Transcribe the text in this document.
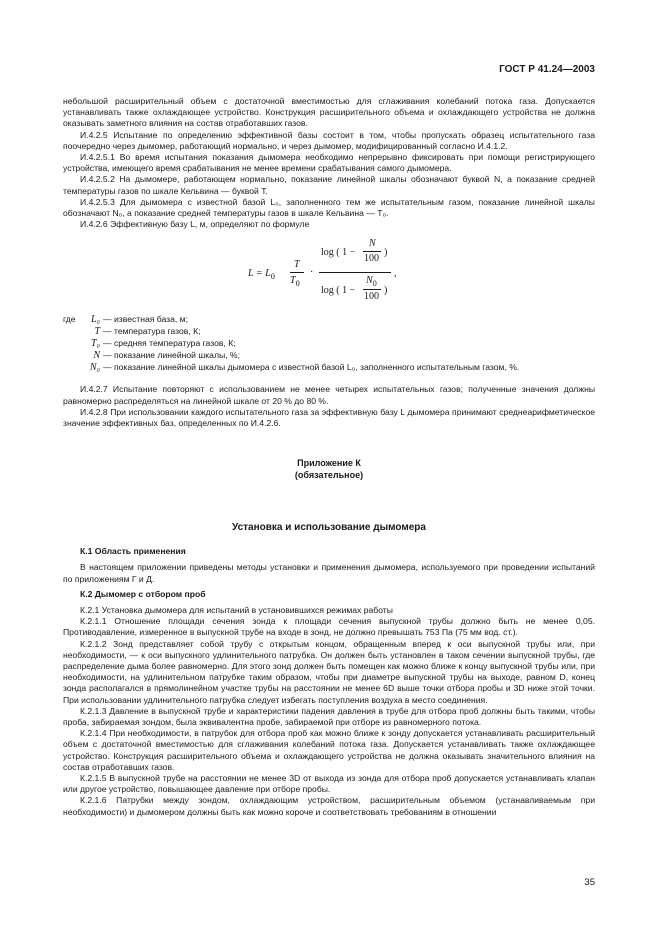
ГОСТ Р 41.24—2003

небольшой расширительный объем с достаточной вместимостью для сглаживания колебаний потока газа. Допускается устанавливать также охлаждающее устройство. Конструкция расширительного объема и охлаждающего устройства не должна оказывать заметного влияния на состав отработавших газов.

И.4.2.5 Испытание по определению эффективной базы состоит в том, чтобы пропускать образец испытательного газа поочередно через дымомер, работающий нормально, и через дымомер, модифицированный согласно И.4.1.2.

И.4.2.5.1 Во время испытания показания дымомера необходимо непрерывно фиксировать при помощи регистрирующего устройства, имеющего время срабатывания не менее времени срабатывания самого дымомера.

И.4.2.5.2 На дымомере, работающем нормально, показание линейной шкалы обозначают буквой N, а показание средней температуры газов по шкале Кельвина — буквой T.

И.4.2.5.3 Для дымомера с известной базой L₀, заполненного тем же испытательным газом, показание линейной шкалы обозначают N₀, а показание средней температуры газов в шкале Кельвина — T₀.

И.4.2.6 Эффективную базу L, м, определяют по формуле

$L = L_0$
T
$T_0$
·
log ( 1 −
N
100
)
,
log ( 1 −
$N_0$
100
)
где	L₀ — известная база, м;
T — температура газов, К;
T₀ — средняя температура газов, К;
N — показание линейной шкалы, %;
N₀ — показание линейной шкалы дымомера с известной базой L₀, заполненного испытательным газом, %.

И.4.2.7 Испытание повторяют с использованием не менее четырех испытательных газов; полученные значения должны равномерно распределяться на линейной шкале от 20 % до 80 %.

И.4.2.8 При использовании каждого испытательного газа за эффективную базу L дымомера принимают среднеарифметическое значение эффективных баз, определенных по И.4.2.6.

Приложение К
(обязательное)
Установка и использование дымомера
К.1 Область применения

В настоящем приложении приведены методы установки и применения дымомера, используемого при проведении испытаний по приложениям Г и Д.

К.2 Дымомер с отбором проб

К.2.1 Установка дымомера для испытаний в установившихся режимах работы

К.2.1.1 Отношение площади сечения зонда к площади сечения выпускной трубы должно быть не менее 0,05. Противодавление, измеренное в выпускной трубе на входе в зонд, не должно превышать 753 Па (75 мм вод. ст.).

К.2.1.2 Зонд представляет собой трубу с открытым концом, обращенным вперед к оси выпускной трубы или, при необходимости, — к оси выпускного удлинительного патрубка. Он должен быть установлен в таком сечении выпускной трубы, где распределение дыма более равномерно. Для этого зонд должен быть помещен как можно ближе к концу выпускной трубы или, при необходимости, на удлинительном патрубке таким образом, чтобы при диаметре выпускной трубы на выходе, равном D, конец зонда располагался в прямолинейном участке трубы на расстоянии не менее 6D выше точки отбора пробы и 3D ниже этой точки. При использовании удлинительного патрубка следует избегать поступления воздуха в место соединения.

К.2.1.3 Давление в выпускной трубе и характеристики падения давления в трубе для отбора проб должны быть такими, чтобы проба, забираемая зондом, была эквивалентна пробе, забираемой при отборе из равномерного потока.

К.2.1.4 При необходимости, в патрубок для отбора проб как можно ближе к зонду допускается устанавливать расширительный объем с достаточной вместимостью для сглаживания колебаний потока газа. Допускается устанавливать также охлаждающее устройство. Конструкция расширительного объема и охлаждающего устройства не должна оказывать значительного влияния на состав отработавших газов.

К.2.1.5 В выпускной трубе на расстоянии не менее 3D от выхода из зонда для отбора проб допускается устанавливать клапан или другое устройство, повышающее давление при отборе пробы.

К.2.1.6 Патрубки между зондом, охлаждающим устройством, расширительным объемом (устанавливаемым при необходимости) и дымомером должны быть как можно короче и соответствовать требованиям в отношении

35
